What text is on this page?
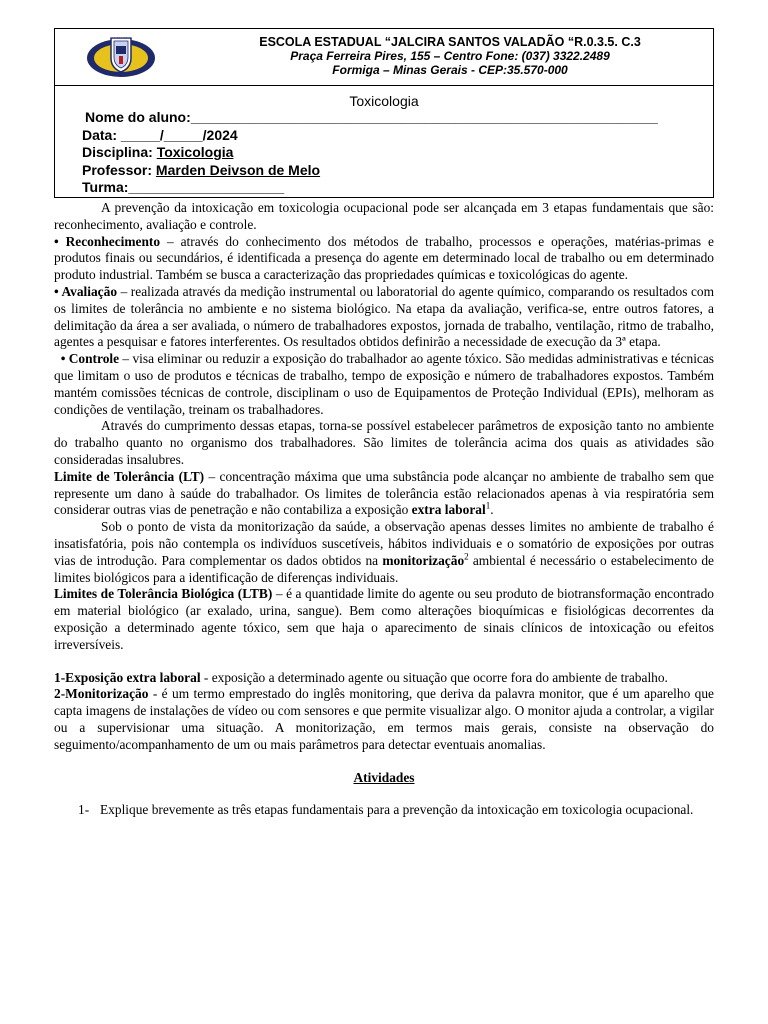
ESCOLA ESTADUAL	ESCOLA ESTADUAL “JALCIRA SANTOS VALADÃO “R.0.3.5. C.3
Praça Ferreira Pires, 155 – Centro Fone: (037) 3322.2489
Formiga – Minas Gerais - CEP:35.570-000
Toxicologia
Nome do aluno:____________________________________________________________
Data: _____/_____/2024
Disciplina: Toxicologia
Professor: Marden Deivson de Melo
Turma:____________________

A prevenção da intoxicação em toxicologia ocupacional pode ser alcançada em 3 etapas fundamentais que são: reconhecimento, avaliação e controle.

• Reconhecimento – através do conhecimento dos métodos de trabalho, processos e operações, matérias-primas e produtos finais ou secundários, é identificada a presença do agente em determinado local de trabalho ou em determinado produto industrial. Também se busca a caracterização das propriedades químicas e toxicológicas do agente.

• Avaliação – realizada através da medição instrumental ou laboratorial do agente químico, comparando os resultados com os limites de tolerância no ambiente e no sistema biológico. Na etapa da avaliação, verifica-se, entre outros fatores, a delimitação da área a ser avaliada, o número de trabalhadores expostos, jornada de trabalho, ventilação, ritmo de trabalho, agentes a pesquisar e fatores interferentes. Os resultados obtidos definirão a necessidade de execução da 3ª etapa.

• Controle – visa eliminar ou reduzir a exposição do trabalhador ao agente tóxico. São medidas administrativas e técnicas que limitam o uso de produtos e técnicas de trabalho, tempo de exposição e número de trabalhadores expostos. Também mantém comissões técnicas de controle, disciplinam o uso de Equipamentos de Proteção Individual (EPIs), melhoram as condições de ventilação, treinam os trabalhadores.

Através do cumprimento dessas etapas, torna-se possível estabelecer parâmetros de exposição tanto no ambiente do trabalho quanto no organismo dos trabalhadores. São limites de tolerância acima dos quais as atividades são consideradas insalubres.

Limite de Tolerância (LT) – concentração máxima que uma substância pode alcançar no ambiente de trabalho sem que represente um dano à saúde do trabalhador. Os limites de tolerância estão relacionados apenas à via respiratória sem considerar outras vias de penetração e não contabiliza a exposição extra laboral$^1$.

Sob o ponto de vista da monitorização da saúde, a observação apenas desses limites no ambiente de trabalho é insatisfatória, pois não contempla os indivíduos suscetíveis, hábitos individuais e o somatório de exposições por outras vias de introdução. Para complementar os dados obtidos na monitorização$^2$ ambiental é necessário o estabelecimento de limites biológicos para a identificação de diferenças individuais.

Limites de Tolerância Biológica (LTB) – é a quantidade limite do agente ou seu produto de biotransformação encontrado em material biológico (ar exalado, urina, sangue). Bem como alterações bioquímicas e fisiológicas decorrentes da exposição a determinado agente tóxico, sem que haja o aparecimento de sinais clínicos de intoxicação ou efeitos irreversíveis.

1-Exposição extra laboral - exposição a determinado agente ou situação que ocorre fora do ambiente de trabalho.

2-Monitorização - é um termo emprestado do inglês monitoring, que deriva da palavra monitor, que é um aparelho que capta imagens de instalações de vídeo ou com sensores e que permite visualizar algo. O monitor ajuda a controlar, a vigilar ou a supervisionar uma situação. A monitorização, em termos mais gerais, consiste na observação do seguimento/acompanhamento de um ou mais parâmetros para detectar eventuais anomalias.

Atividades

1- Explique brevemente as três etapas fundamentais para a prevenção da intoxicação em toxicologia ocupacional.
